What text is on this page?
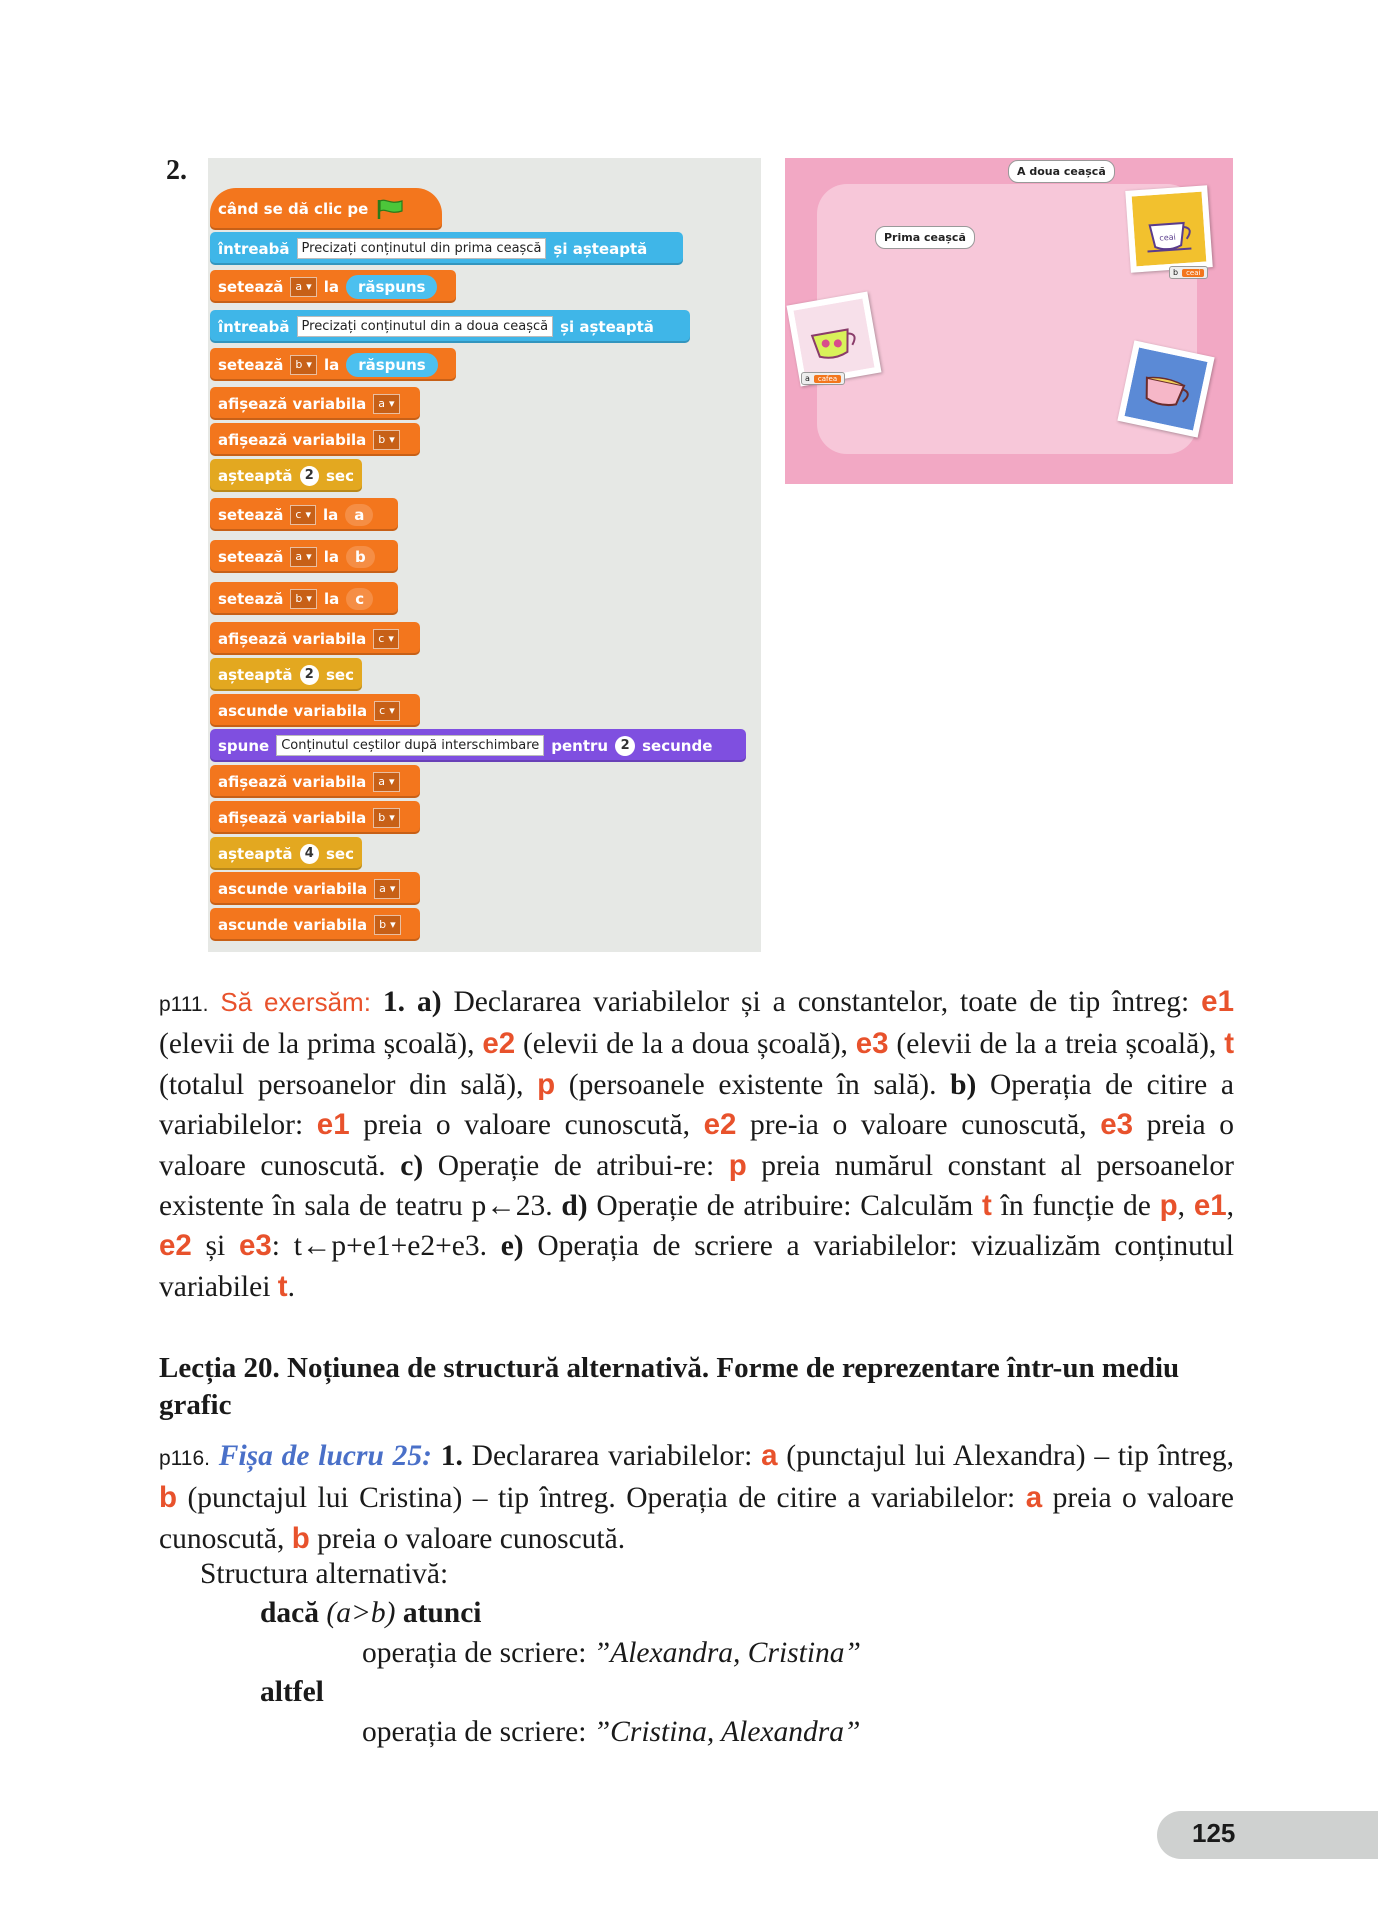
2.
când se dă clic pe
întreabă Precizați conținutul din prima ceașcă și așteaptă
setează a ▾ la	răspuns
întreabă Precizați conținutul din a doua ceașcă și așteaptă
setează b ▾ la	răspuns
afișează variabila a ▾
afișează variabila b ▾
așteaptă 2 sec
setează c ▾ la	a
setează a ▾ la	b
setează b ▾ la	c
afișează variabila c ▾
așteaptă 2 sec
ascunde variabila c ▾
spune Conținutul ceștilor după interschimbare pentru 2 secunde
afișează variabila a ▾
afișează variabila b ▾
așteaptă 4 sec
ascunde variabila a ▾
ascunde variabila b ▾
A doua ceașcă
Prima ceașcă	ceai
b	ceai
a	cafea
p111. Să exersăm: 1. a) Declararea variabilelor și a constantelor, toate de tip întreg: e1 (elevii de la prima școală), e2 (elevii de la a doua școală), e3 (elevii de la a treia școală), t (totalul persoanelor din sală), p (persoanele existente în sală). b) Operația de citire a variabilelor: e1 preia o valoare cunoscută, e2 pre-ia o valoare cunoscută, e3 preia o valoare cunoscută. c) Operație de atribui-re: p preia numărul constant al persoanelor existente în sala de teatru p←23. d) Operație de atribuire: Calculăm t în funcție de p, e1, e2 și e3: t←p+e1+e2+e3. e) Operația de scriere a variabilelor: vizualizăm conținutul variabilei t.
Lecția 20. Noțiunea de structură alternativă. Forme de reprezentare într-un mediu grafic
p116. Fișa de lucru 25: 1. Declararea variabilelor: a (punctajul lui Alexandra) – tip întreg, b (punctajul lui Cristina) – tip întreg. Operația de citire a variabilelor: a preia o valoare cunoscută, b preia o valoare cunoscută.
Structura alternativă:
dacă (a>b) atunci
operația de scriere: ”Alexandra, Cristina”
altfel
operația de scriere: ”Cristina, Alexandra”
125
